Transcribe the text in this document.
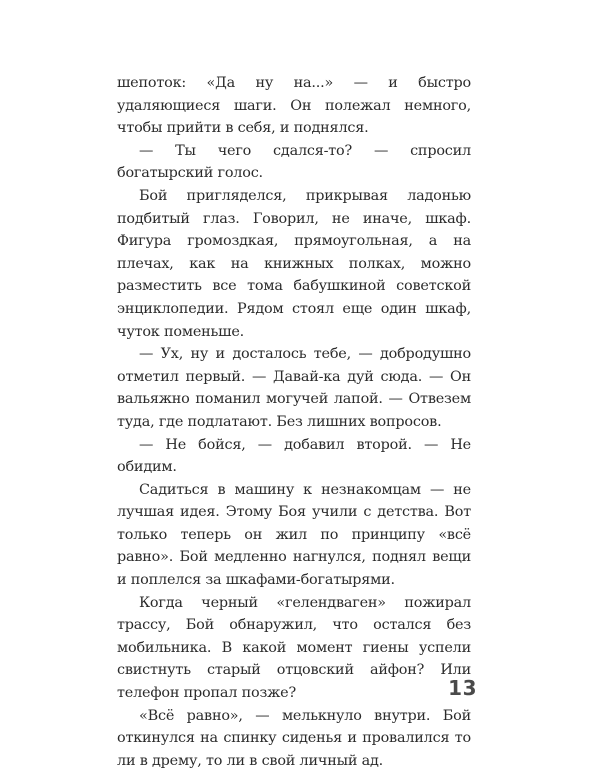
шепоток: «Да ну на...» — и быстро удаляющиеся шаги. Он полежал немного, чтобы прийти в себя, и поднялся.

— Ты чего сдался-то? — спросил богатырский голос.

Бой пригляделся, прикрывая ладонью подбитый глаз. Говорил, не иначе, шкаф. Фигура громоздкая, прямоугольная, а на плечах, как на книжных полках, можно разместить все тома бабушкиной советской энциклопедии. Рядом стоял еще один шкаф, чуток поменьше.

— Ух, ну и досталось тебе, — добродушно отметил первый. — Давай-ка дуй сюда. — Он вальяжно поманил могучей лапой. — Отвезем туда, где подлатают. Без лишних вопросов.

— Не бойся, — добавил второй. — Не обидим.

Садиться в машину к незнакомцам — не лучшая идея. Этому Боя учили с детства. Вот только теперь он жил по принципу «всё равно». Бой медленно нагнулся, поднял вещи и поплелся за шкафами-богатырями.

Когда черный «гелендваген» пожирал трассу, Бой обнаружил, что остался без мобильника. В какой момент гиены успели свистнуть старый отцовский айфон? Или телефон пропал позже?

«Всё равно», — мелькнуло внутри. Бой откинулся на спинку сиденья и провалился то ли в дрему, то ли в свой личный ад.

13
